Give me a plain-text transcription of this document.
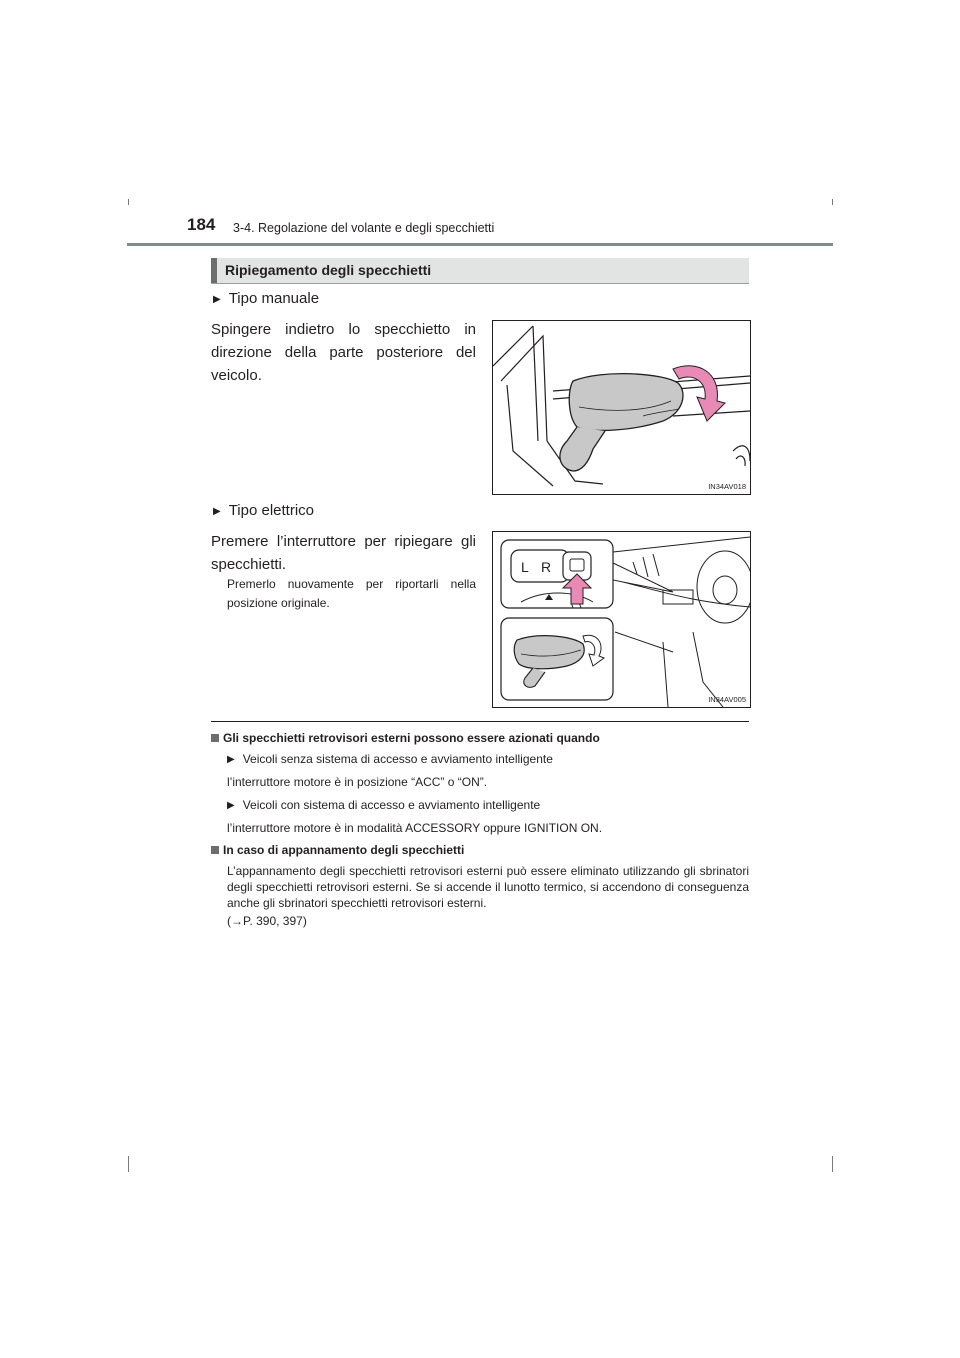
184 3-4. Regolazione del volante e degli specchietti
Ripiegamento degli specchietti
▶ Tipo manuale
Spingere indietro lo specchietto in direzione della parte posteriore del veicolo.
IN34AV018
▶ Tipo elettrico
Premere l’interruttore per ripiegare gli specchietti.
Premerlo nuovamente per riportarli nella posizione originale.
L R
IN34AV005
Gli specchietti retrovisori esterni possono essere azionati quando
▶ Veicoli senza sistema di accesso e avviamento intelligente
l’interruttore motore è in posizione “ACC” o “ON”.
▶ Veicoli con sistema di accesso e avviamento intelligente
l’interruttore motore è in modalità ACCESSORY oppure IGNITION ON.
In caso di appannamento degli specchietti
L’appannamento degli specchietti retrovisori esterni può essere eliminato utilizzando gli sbrinatori degli specchietti retrovisori esterni. Se si accende il lunotto termico, si accendono di conseguenza anche gli sbrinatori specchietti retrovisori esterni.
(→P. 390, 397)
